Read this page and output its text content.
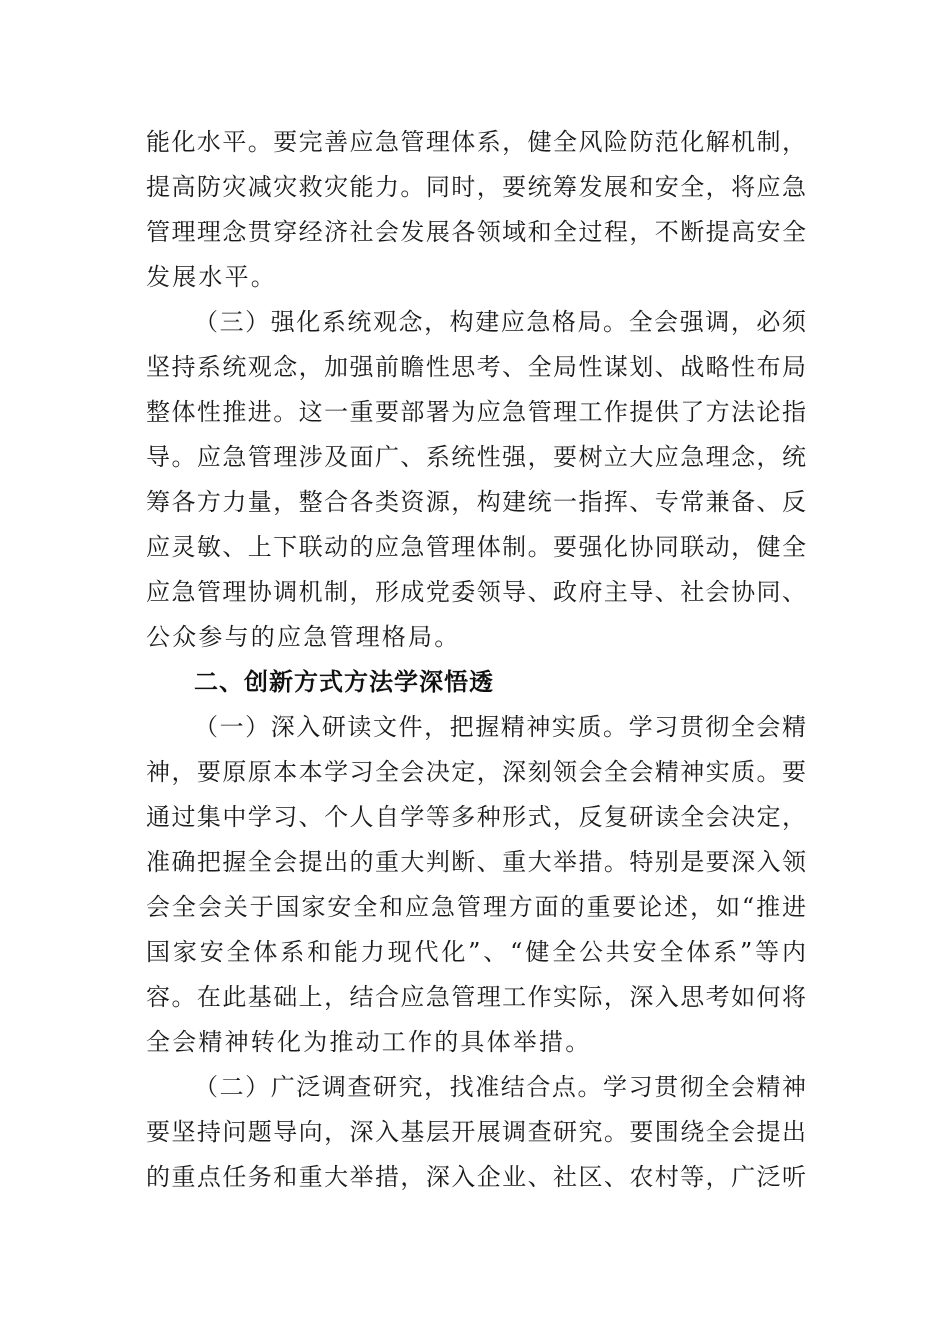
能化水平。要完善应急管理体系，健全风险防范化解机制，
提高防灾减灾救灾能力。同时，要统筹发展和安全，将应急
管理理念贯穿经济社会发展各领域和全过程，不断提高安全
发展水平。
（三）强化系统观念，构建应急格局。全会强调，必须
坚持系统观念，加强前瞻性思考、全局性谋划、战略性布局
整体性推进。这一重要部署为应急管理工作提供了方法论指
导。应急管理涉及面广、系统性强，要树立大应急理念，统
筹各方力量，整合各类资源，构建统一指挥、专常兼备、反
应灵敏、上下联动的应急管理体制。要强化协同联动，健全
应急管理协调机制，形成党委领导、政府主导、社会协同、
公众参与的应急管理格局。
二、创新方式方法学深悟透
（一）深入研读文件，把握精神实质。学习贯彻全会精
神，要原原本本学习全会决定，深刻领会全会精神实质。要
通过集中学习、个人自学等多种形式，反复研读全会决定，
准确把握全会提出的重大判断、重大举措。特别是要深入领
会全会关于国家安全和应急管理方面的重要论述，如“推进
国家安全体系和能力现代化”、“健全公共安全体系”等内
容。在此基础上，结合应急管理工作实际，深入思考如何将
全会精神转化为推动工作的具体举措。
（二）广泛调查研究，找准结合点。学习贯彻全会精神
要坚持问题导向，深入基层开展调查研究。要围绕全会提出
的重点任务和重大举措，深入企业、社区、农村等，广泛听
